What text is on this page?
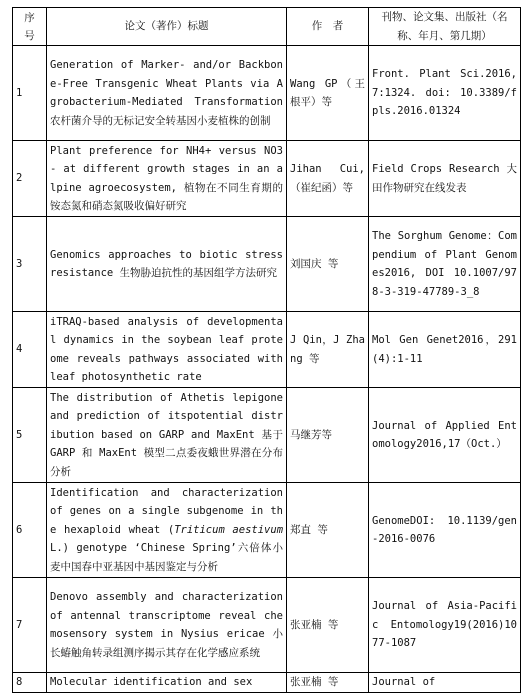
序
号	论文（著作）标题	作　者	刊物、论文集、出版社（名称、年月、第几期）
1	Generation of Marker- and/or Backbone-Free Transgenic Wheat Plants via Agrobacterium-Mediated Transformation 农杆菌介导的无标记安全转基因小麦植株的创制	Wang GP（王根平）等	Front. Plant Sci.2016,7:1324. doi: 10.3389/fpls.2016.01324
2	Plant preference for NH4+ versus NO3- at different growth stages in an alpine agroecosystem, 植物在不同生育期的铵态氮和硝态氮吸收偏好研究	Jihan Cui,（崔纪函）等	Field Crops Research 大田作物研究在线发表
3	Genomics approaches to biotic stress resistance 生物胁迫抗性的基因组学方法研究	刘国庆 等	The Sorghum Genome：Compendium of Plant Genomes2016, DOI 10.1007/978-3-319-47789-3_8
4	iTRAQ-based analysis of developmental dynamics in the soybean leaf proteome reveals pathways associated with leaf photosynthetic rate	J Qin，J Zhang 等	Mol Gen Genet2016，291(4):1-11
5	The distribution of Athetis lepigone and prediction of itspotential distribution based on GARP and MaxEnt 基于 GARP 和 MaxEnt 模型二点委夜蛾世界潜在分布分析	马继芳等	Journal of Applied Entomology2016,17（Oct.）
6	Identification and characterization of genes on a single subgenome in the hexaploid wheat (Triticum aestivumL.) genotype ‘Chinese Spring’六倍体小麦中国春中亚基因中基因鉴定与分析	郑直 等	GenomeDOI: 10.1139/gen-2016-0076
7	Denovo assembly and characterization of antennal transcriptome reveal chemosensory system in Nysius ericae 小长蝽触角转录组测序揭示其存在化学感应系统	张亚楠 等	Journal of Asia-Pacific Entomology19(2016)1077-1087
8	Molecular identification and sex	张亚楠 等	Journal of
